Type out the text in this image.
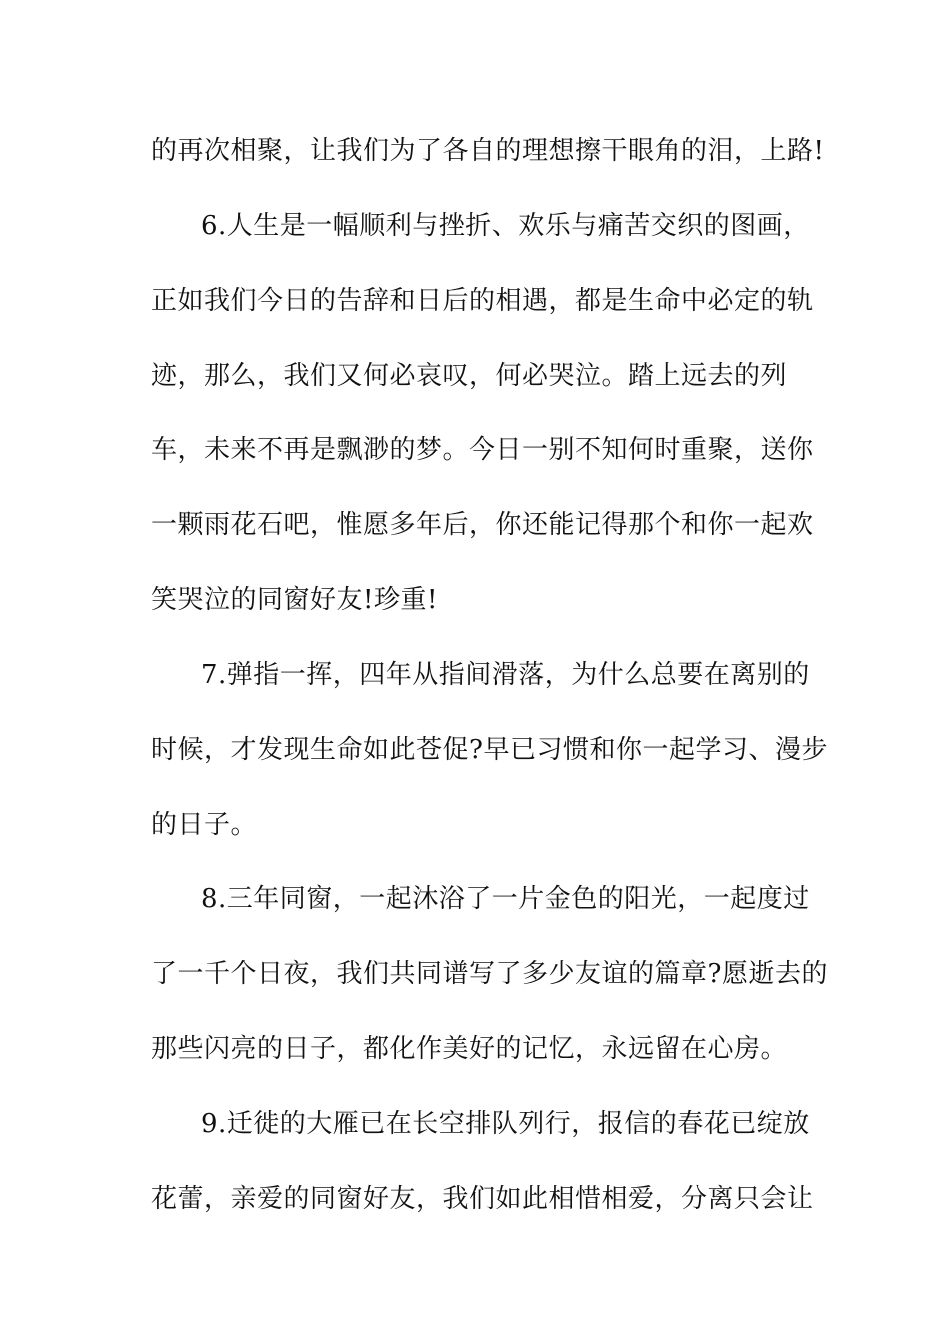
的再次相聚，让我们为了各自的理想擦干眼角的泪，上路!
6.人生是一幅顺利与挫折、欢乐与痛苦交织的图画，
正如我们今日的告辞和日后的相遇，都是生命中必定的轨
迹，那么，我们又何必哀叹，何必哭泣。踏上远去的列
车，未来不再是飘渺的梦。今日一别不知何时重聚，送你
一颗雨花石吧，惟愿多年后，你还能记得那个和你一起欢
笑哭泣的同窗好友!珍重!
7.弹指一挥，四年从指间滑落，为什么总要在离别的
时候，才发现生命如此苍促?早已习惯和你一起学习、漫步
的日子。
8.三年同窗，一起沐浴了一片金色的阳光，一起度过
了一千个日夜，我们共同谱写了多少友谊的篇章?愿逝去的
那些闪亮的日子，都化作美好的记忆，永远留在心房。
9.迁徙的大雁已在长空排队列行，报信的春花已绽放
花蕾，亲爱的同窗好友，我们如此相惜相爱，分离只会让
